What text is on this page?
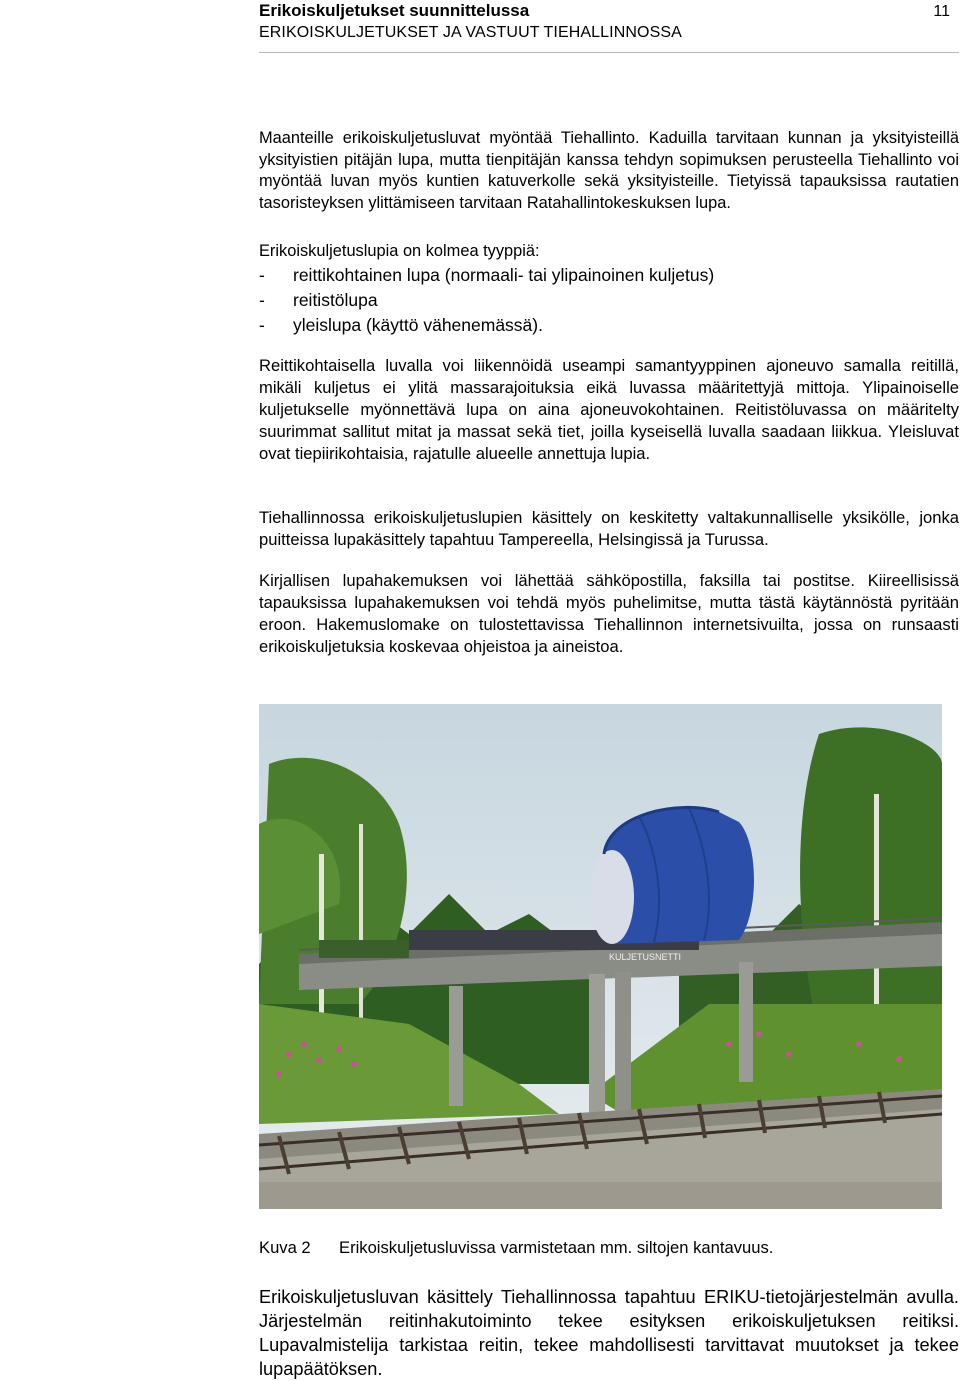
Erikoiskuljetukset suunnittelussa
ERIKOISKULJETUKSET JA VASTUUT TIEHALLINNOSSA
11

Maanteille erikoiskuljetusluvat myöntää Tiehallinto. Kaduilla tarvitaan kunnan ja yksityisteillä yksityistien pitäjän lupa, mutta tienpitäjän kanssa tehdyn sopimuksen perusteella Tiehallinto voi myöntää luvan myös kuntien katuverkolle sekä yksityisteille. Tietyissä tapauksissa rautatien tasoristeyksen ylittämiseen tarvitaan Ratahallintokeskuksen lupa.

Erikoiskuljetuslupia on kolmea tyyppiä:
- reittikohtainen lupa (normaali- tai ylipainoinen kuljetus)
- reitistölupa
- yleislupa (käyttö vähenemässä).

Reittikohtaisella luvalla voi liikennöidä useampi samantyyppinen ajoneuvo samalla reitillä, mikäli kuljetus ei ylitä massarajoituksia eikä luvassa määritettyjä mittoja. Ylipainoiselle kuljetukselle myönnettävä lupa on aina ajoneuvokohtainen. Reitistöluvassa on määritelty suurimmat sallitut mitat ja massat sekä tiet, joilla kyseisellä luvalla saadaan liikkua. Yleisluvat ovat tiepiirikohtaisia, rajatulle alueelle annettuja lupia.

Tiehallinnossa erikoiskuljetuslupien käsittely on keskitetty valtakunnalliselle yksikölle, jonka puitteissa lupakäsittely tapahtuu Tampereella, Helsingissä ja Turussa.

Kirjallisen lupahakemuksen voi lähettää sähköpostilla, faksilla tai postitse. Kiireellisissä tapauksissa lupahakemuksen voi tehdä myös puhelimitse, mutta tästä käytännöstä pyritään eroon. Hakemuslomake on tulostettavissa Tiehallinnon internetsivuilta, jossa on runsaasti erikoiskuljetuksia koskevaa ohjeistoa ja aineistoa.

KULJETUSNETTI
Kuva 2 Erikoiskuljetusluvissa varmistetaan mm. siltojen kantavuus.

Erikoiskuljetusluvan käsittely Tiehallinnossa tapahtuu ERIKU-tietojärjestelmän avulla. Järjestelmän reitinhakutoiminto tekee esityksen erikoiskuljetuksen reitiksi. Lupavalmistelija tarkistaa reitin, tekee mahdollisesti tarvittavat muutokset ja tekee lupapäätöksen.
